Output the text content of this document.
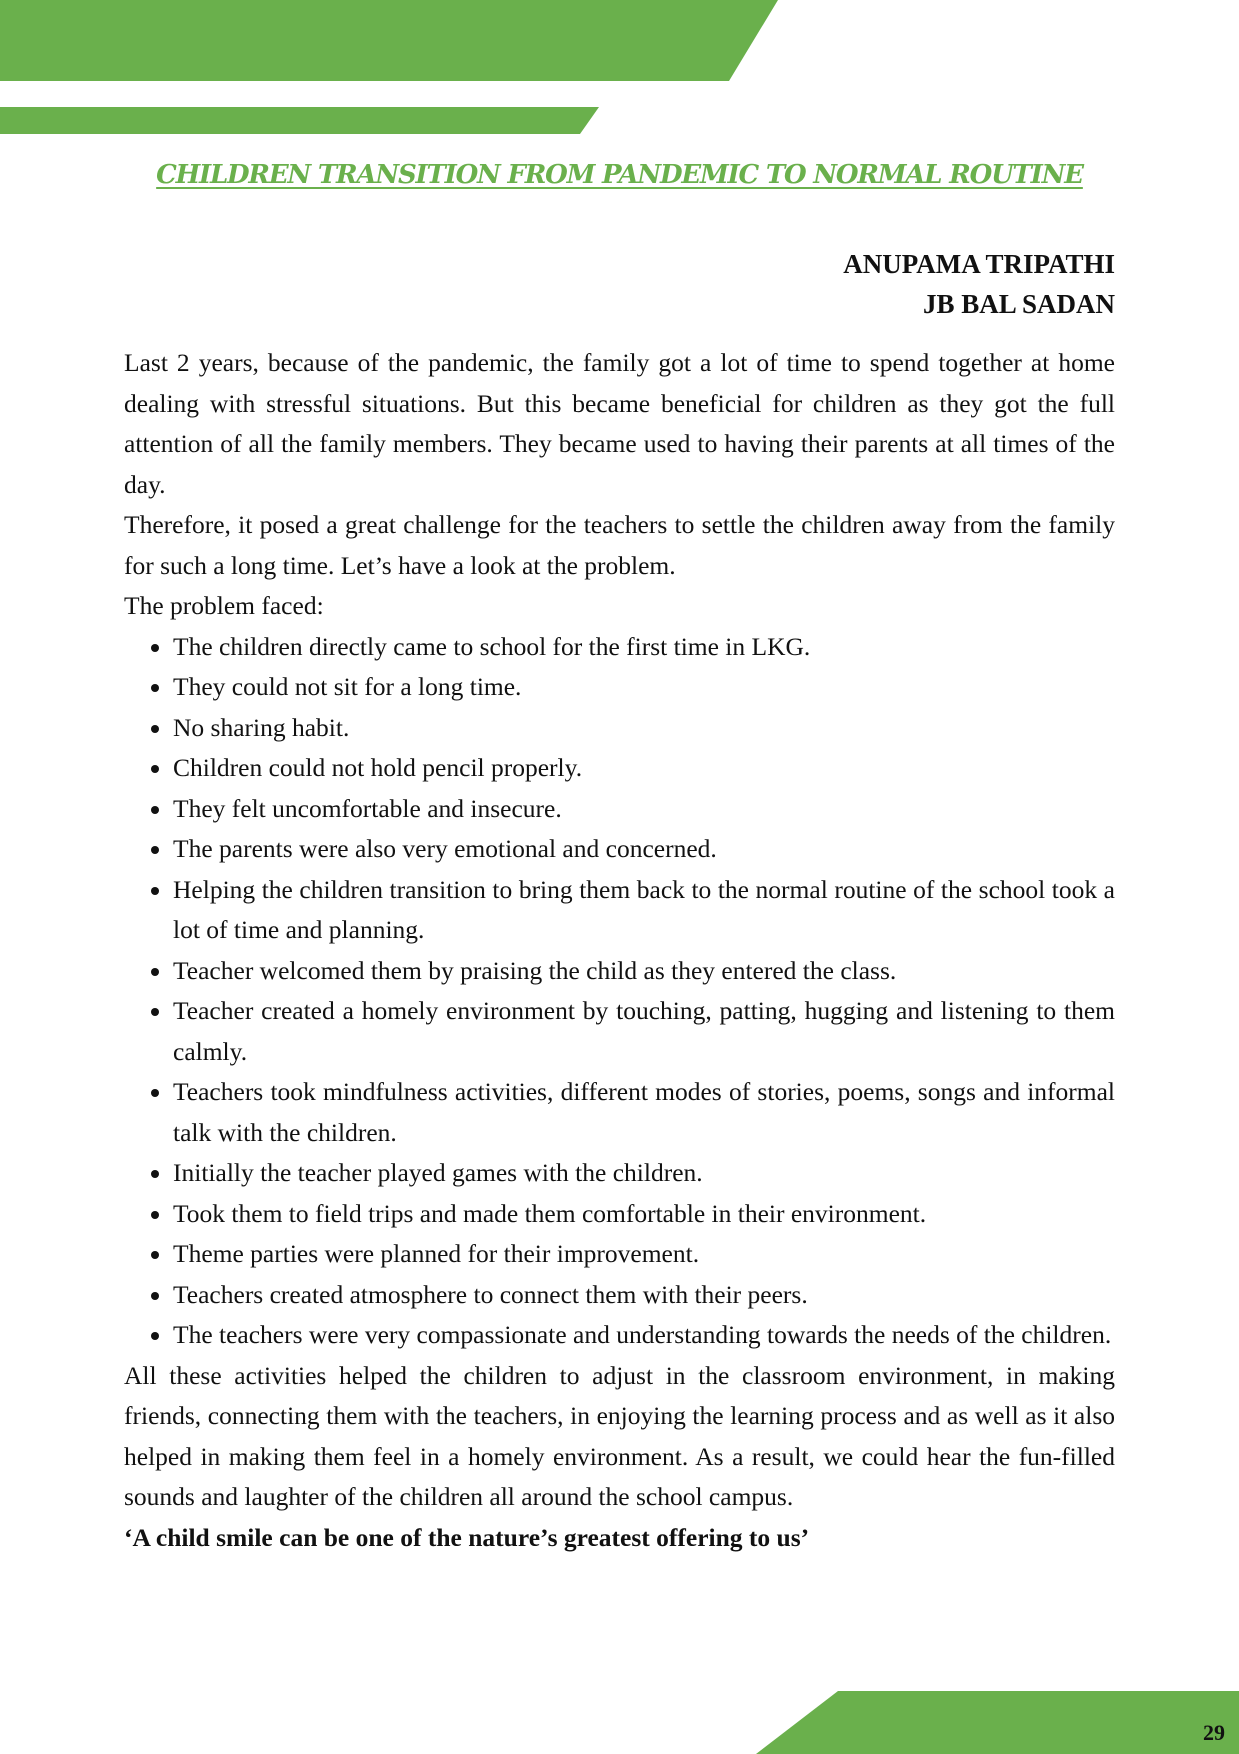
CHILDREN TRANSITION FROM PANDEMIC TO NORMAL ROUTINE
ANUPAMA TRIPATHI
JB BAL SADAN

Last 2 years, because of the pandemic, the family got a lot of time to spend together at home dealing with stressful situations. But this became beneficial for children as they got the full attention of all the family members. They became used to having their parents at all times of the day.

Therefore, it posed a great challenge for the teachers to settle the children away from the family for such a long time. Let’s have a look at the problem.

The problem faced:

• The children directly came to school for the first time in LKG.
• They could not sit for a long time.
• No sharing habit.
• Children could not hold pencil properly.
• They felt uncomfortable and insecure.
• The parents were also very emotional and concerned.
• Helping the children transition to bring them back to the normal routine of the school took a lot of time and planning.
• Teacher welcomed them by praising the child as they entered the class.
• Teacher created a homely environment by touching, patting, hugging and listening to them calmly.
• Teachers took mindfulness activities, different modes of stories, poems, songs and informal talk with the children.
• Initially the teacher played games with the children.
• Took them to field trips and made them comfortable in their environment.
• Theme parties were planned for their improvement.
• Teachers created atmosphere to connect them with their peers.
• The teachers were very compassionate and understanding towards the needs of the children.

All these activities helped the children to adjust in the classroom environment, in making friends, connecting them with the teachers, in enjoying the learning process and as well as it also helped in making them feel in a homely environment. As a result, we could hear the fun-filled sounds and laughter of the children all around the school campus.

‘A child smile can be one of the nature’s greatest offering to us’

29
